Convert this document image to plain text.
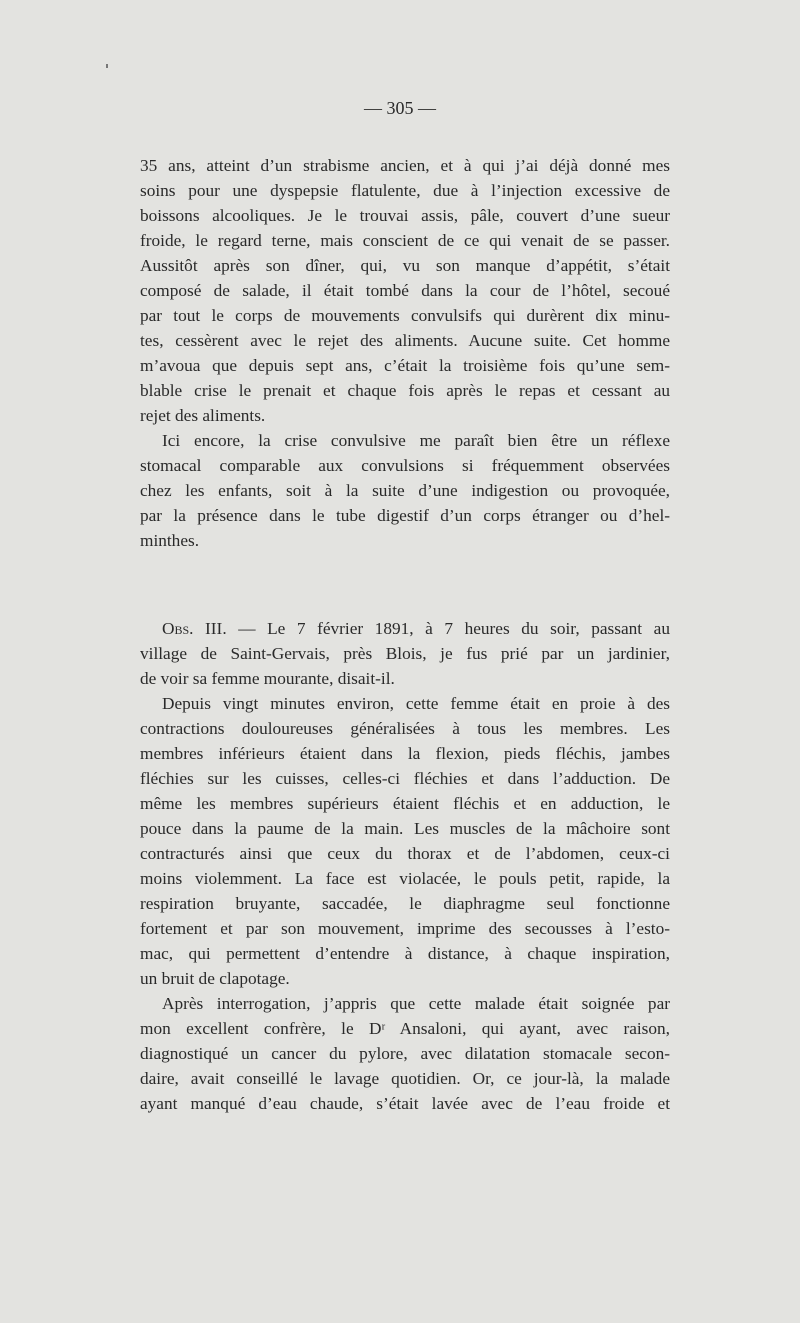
— 305 —
35 ans, atteint d’un strabisme ancien, et à qui j’ai déjà donné mes
soins pour une dyspepsie flatulente, due à l’injection excessive de
boissons alcooliques. Je le trouvai assis, pâle, couvert d’une sueur
froide, le regard terne, mais conscient de ce qui venait de se passer.
Aussitôt après son dîner, qui, vu son manque d’appétit, s’était
composé de salade, il était tombé dans la cour de l’hôtel, secoué
par tout le corps de mouvements convulsifs qui durèrent dix minu-
tes, cessèrent avec le rejet des aliments. Aucune suite. Cet homme
m’avoua que depuis sept ans, c’était la troisième fois qu’une sem-
blable crise le prenait et chaque fois après le repas et cessant au
rejet des aliments.
Ici encore, la crise convulsive me paraît bien être un réflexe
stomacal comparable aux convulsions si fréquemment observées
chez les enfants, soit à la suite d’une indigestion ou provoquée,
par la présence dans le tube digestif d’un corps étranger ou d’hel-
minthes.
Obs. III. — Le 7 février 1891, à 7 heures du soir, passant au
village de Saint-Gervais, près Blois, je fus prié par un jardinier,
de voir sa femme mourante, disait-il.
Depuis vingt minutes environ, cette femme était en proie à des
contractions douloureuses généralisées à tous les membres. Les
membres inférieurs étaient dans la flexion, pieds fléchis, jambes
fléchies sur les cuisses, celles-ci fléchies et dans l’adduction. De
même les membres supérieurs étaient fléchis et en adduction, le
pouce dans la paume de la main. Les muscles de la mâchoire sont
contracturés ainsi que ceux du thorax et de l’abdomen, ceux-ci
moins violemment. La face est violacée, le pouls petit, rapide, la
respiration bruyante, saccadée, le diaphragme seul fonctionne
fortement et par son mouvement, imprime des secousses à l’esto-
mac, qui permettent d’entendre à distance, à chaque inspiration,
un bruit de clapotage.
Après interrogation, j’appris que cette malade était soignée par
mon excellent confrère, le Dʳ Ansaloni, qui ayant, avec raison,
diagnostiqué un cancer du pylore, avec dilatation stomacale secon-
daire, avait conseillé le lavage quotidien. Or, ce jour-là, la malade
ayant manqué d’eau chaude, s’était lavée avec de l’eau froide et
